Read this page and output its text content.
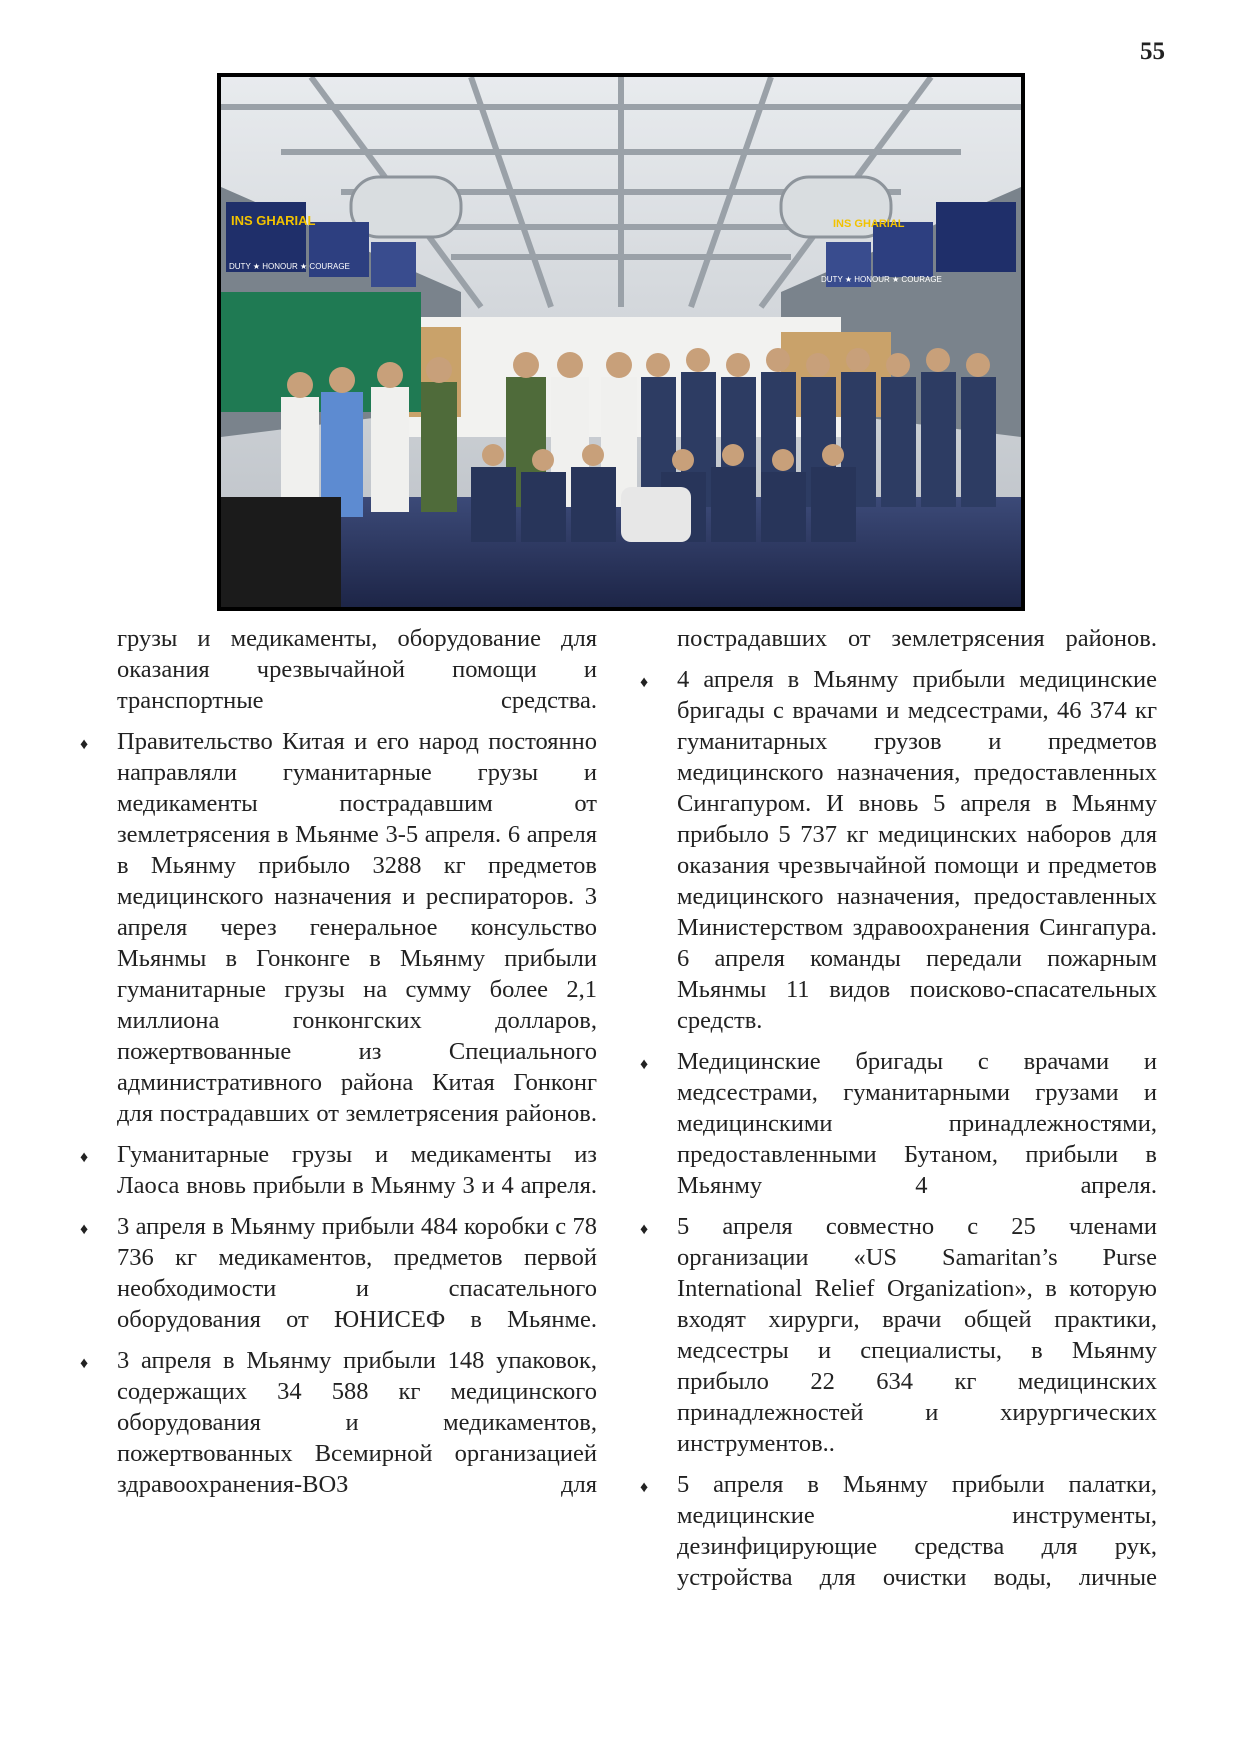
55
INS GHARIAL
DUTY ★ HONOUR ★ COURAGE
INS GHARIAL
DUTY ★ HONOUR ★ COURAGE

грузы и медикаменты, оборудование для оказания чрезвычайной помощи и транспортные средства.

♦ Правительство Китая и его народ постоянно направляли гуманитарные грузы и медикаменты пострадавшим от землетрясения в Мьянме 3-5 апреля. 6 апреля в Мьянму прибыло 3288 кг предметов медицинского назначения и респираторов. 3 апреля через генеральное консульство Мьянмы в Гонконге в Мьянму прибыли гуманитарные грузы на сумму более 2,1 миллиона гонконгских долларов, пожертвованные из Специального административного района Китая Гонконг для пострадавших от землетрясения районов.

♦ Гуманитарные грузы и медикаменты из Лаоса вновь прибыли в Мьянму 3 и 4 апреля.

♦ 3 апреля в Мьянму прибыли 484 коробки с 78 736 кг медикаментов, предметов первой необходимости и спасательного оборудования от ЮНИСЕФ в Мьянме.

♦ 3 апреля в Мьянму прибыли 148 упаковок, содержащих 34 588 кг медицинского оборудования и медикаментов, пожертвованных Всемирной организацией здравоохранения-ВОЗ для

пострадавших от землетрясения районов.

♦ 4 апреля в Мьянму прибыли медицинские бригады с врачами и медсестрами, 46 374 кг гуманитарных грузов и предметов медицинского назначения, предоставленных Сингапуром. И вновь 5 апреля в Мьянму прибыло 5 737 кг медицинских наборов для оказания чрезвычайной помощи и предметов медицинского назначения, предоставленных Министерством здравоохранения Сингапура. 6 апреля команды передали пожарным Мьянмы 11 видов поисково-спасательных средств.

♦ Медицинские бригады с врачами и медсестрами, гуманитарными грузами и медицинскими принадлежностями, предоставленными Бутаном, прибыли в Мьянму 4 апреля.

♦ 5 апреля совместно с 25 членами организации «US Samaritan’s Purse International Relief Organization», в которую входят хирурги, врачи общей практики, медсестры и специалисты, в Мьянму прибыло 22 634 кг медицинских принадлежностей и хирургических инструментов..

♦ 5 апреля в Мьянму прибыли палатки, медицинские инструменты, дезинфицирующие средства для рук, устройства для очистки воды, личные
